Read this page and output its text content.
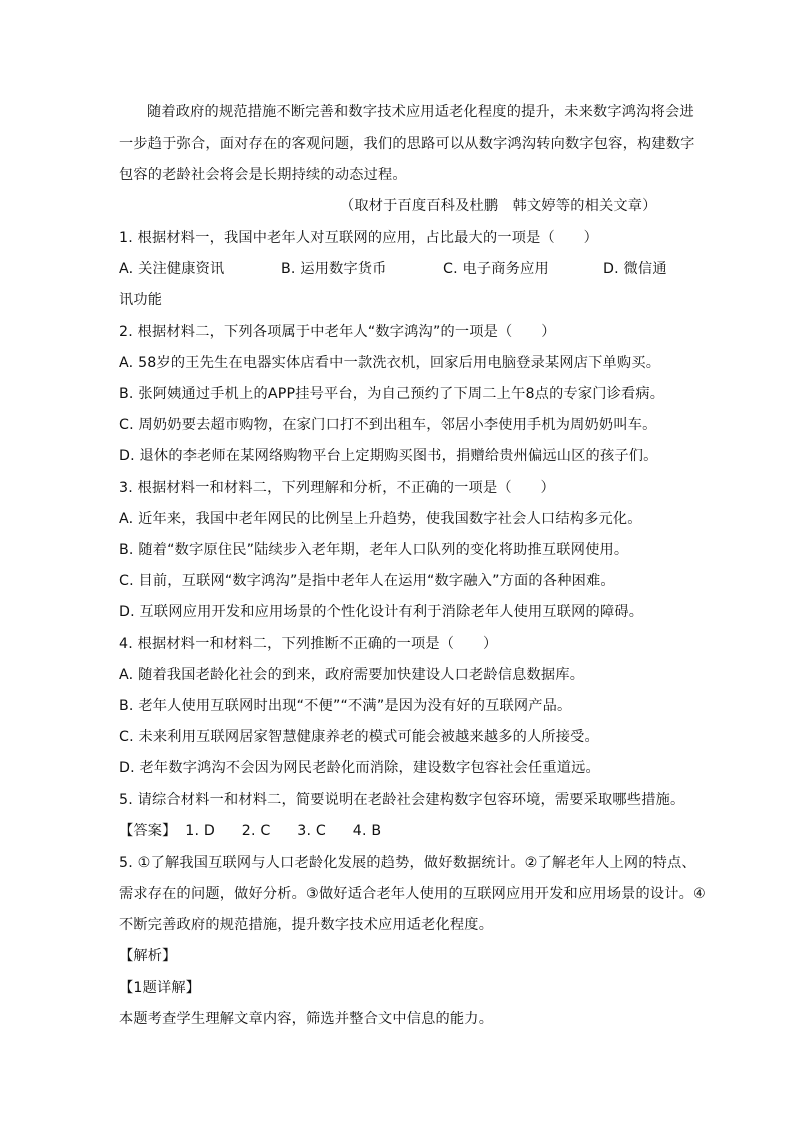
随着政府的规范措施不断完善和数字技术应用适老化程度的提升，未来数字鸿沟将会进
一步趋于弥合，面对存在的客观问题，我们的思路可以从数字鸿沟转向数字包容，构建数字
包容的老龄社会将会是长期持续的动态过程。
（取材于百度百科及杜鹏　韩文婷等的相关文章）
1. 根据材料一，我国中老年人对互联网的应用，占比最大的一项是（　　）
A. 关注健康资讯	B. 运用数字货币	C. 电子商务应用	D. 微信通
讯功能
2. 根据材料二，下列各项属于中老年人“数字鸿沟”的一项是（　　）
A. 58岁的王先生在电器实体店看中一款洗衣机，回家后用电脑登录某网店下单购买。
B. 张阿姨通过手机上的APP挂号平台，为自己预约了下周二上午8点的专家门诊看病。
C. 周奶奶要去超市购物，在家门口打不到出租车，邻居小李使用手机为周奶奶叫车。
D. 退休的李老师在某网络购物平台上定期购买图书，捐赠给贵州偏远山区的孩子们。
3. 根据材料一和材料二，下列理解和分析，不正确的一项是（　　）
A. 近年来，我国中老年网民的比例呈上升趋势，使我国数字社会人口结构多元化。
B. 随着“数字原住民”陆续步入老年期，老年人口队列的变化将助推互联网使用。
C. 目前，互联网“数字鸿沟”是指中老年人在运用“数字融入”方面的各种困难。
D. 互联网应用开发和应用场景的个性化设计有利于消除老年人使用互联网的障碍。
4. 根据材料一和材料二，下列推断不正确的一项是（　　）
A. 随着我国老龄化社会的到来，政府需要加快建设人口老龄信息数据库。
B. 老年人使用互联网时出现“不便”“不满”是因为没有好的互联网产品。
C. 未来利用互联网居家智慧健康养老的模式可能会被越来越多的人所接受。
D. 老年数字鸿沟不会因为网民老龄化而消除，建设数字包容社会任重道远。
5. 请综合材料一和材料二，简要说明在老龄社会建构数字包容环境，需要采取哪些措施。
【答案】 1. D 2. C 3. C 4. B
5. ①了解我国互联网与人口老龄化发展的趋势，做好数据统计。②了解老年人上网的特点、
需求存在的问题，做好分析。③做好适合老年人使用的互联网应用开发和应用场景的设计。④
不断完善政府的规范措施，提升数字技术应用适老化程度。
【解析】
【1题详解】
本题考查学生理解文章内容，筛选并整合文中信息的能力。
